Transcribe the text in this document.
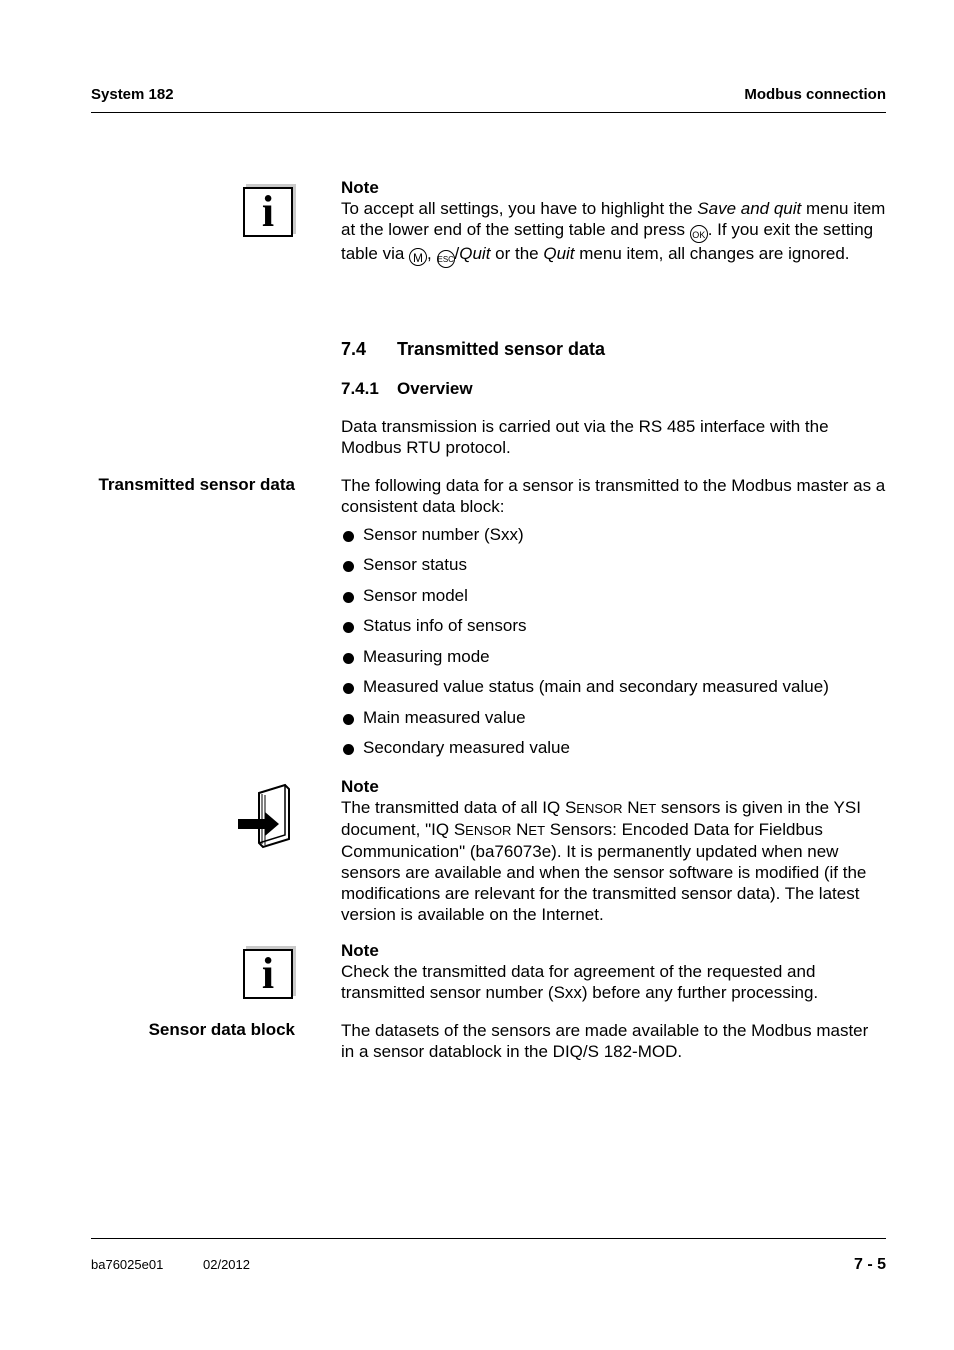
System 182	Modbus connection
i	Note
To accept all settings, you have to highlight the Save and quit menu item at the lower end of the setting table and press OK . If you exit the setting table via M , ESC/Quit or the Quit menu item, all changes are ignored.
7.4 Transmitted sensor data
7.4.1 Overview
Data transmission is carried out via the RS 485 interface with the Modbus RTU protocol.
Transmitted sensor data	The following data for a sensor is transmitted to the Modbus master as a consistent data block:
Sensor number (Sxx)
Sensor status
Sensor model
Status info of sensors
Measuring mode
Measured value status (main and secondary measured value)
Main measured value
Secondary measured value
Note
The transmitted data of all IQ SENSOR NET sensors is given in the YSI document, "IQ SENSOR NET Sensors: Encoded Data for Fieldbus Communication" (ba76073e). It is permanently updated when new sensors are available and when the sensor software is modified (if the modifications are relevant for the transmitted sensor data). The latest version is available on the Internet.
i	Note
Check the transmitted data for agreement of the requested and transmitted sensor number (Sxx) before any further processing.
Sensor data block	The datasets of the sensors are made available to the Modbus master in a sensor datablock in the DIQ/S 182-MOD.
ba76025e01	02/2012	7 - 5
